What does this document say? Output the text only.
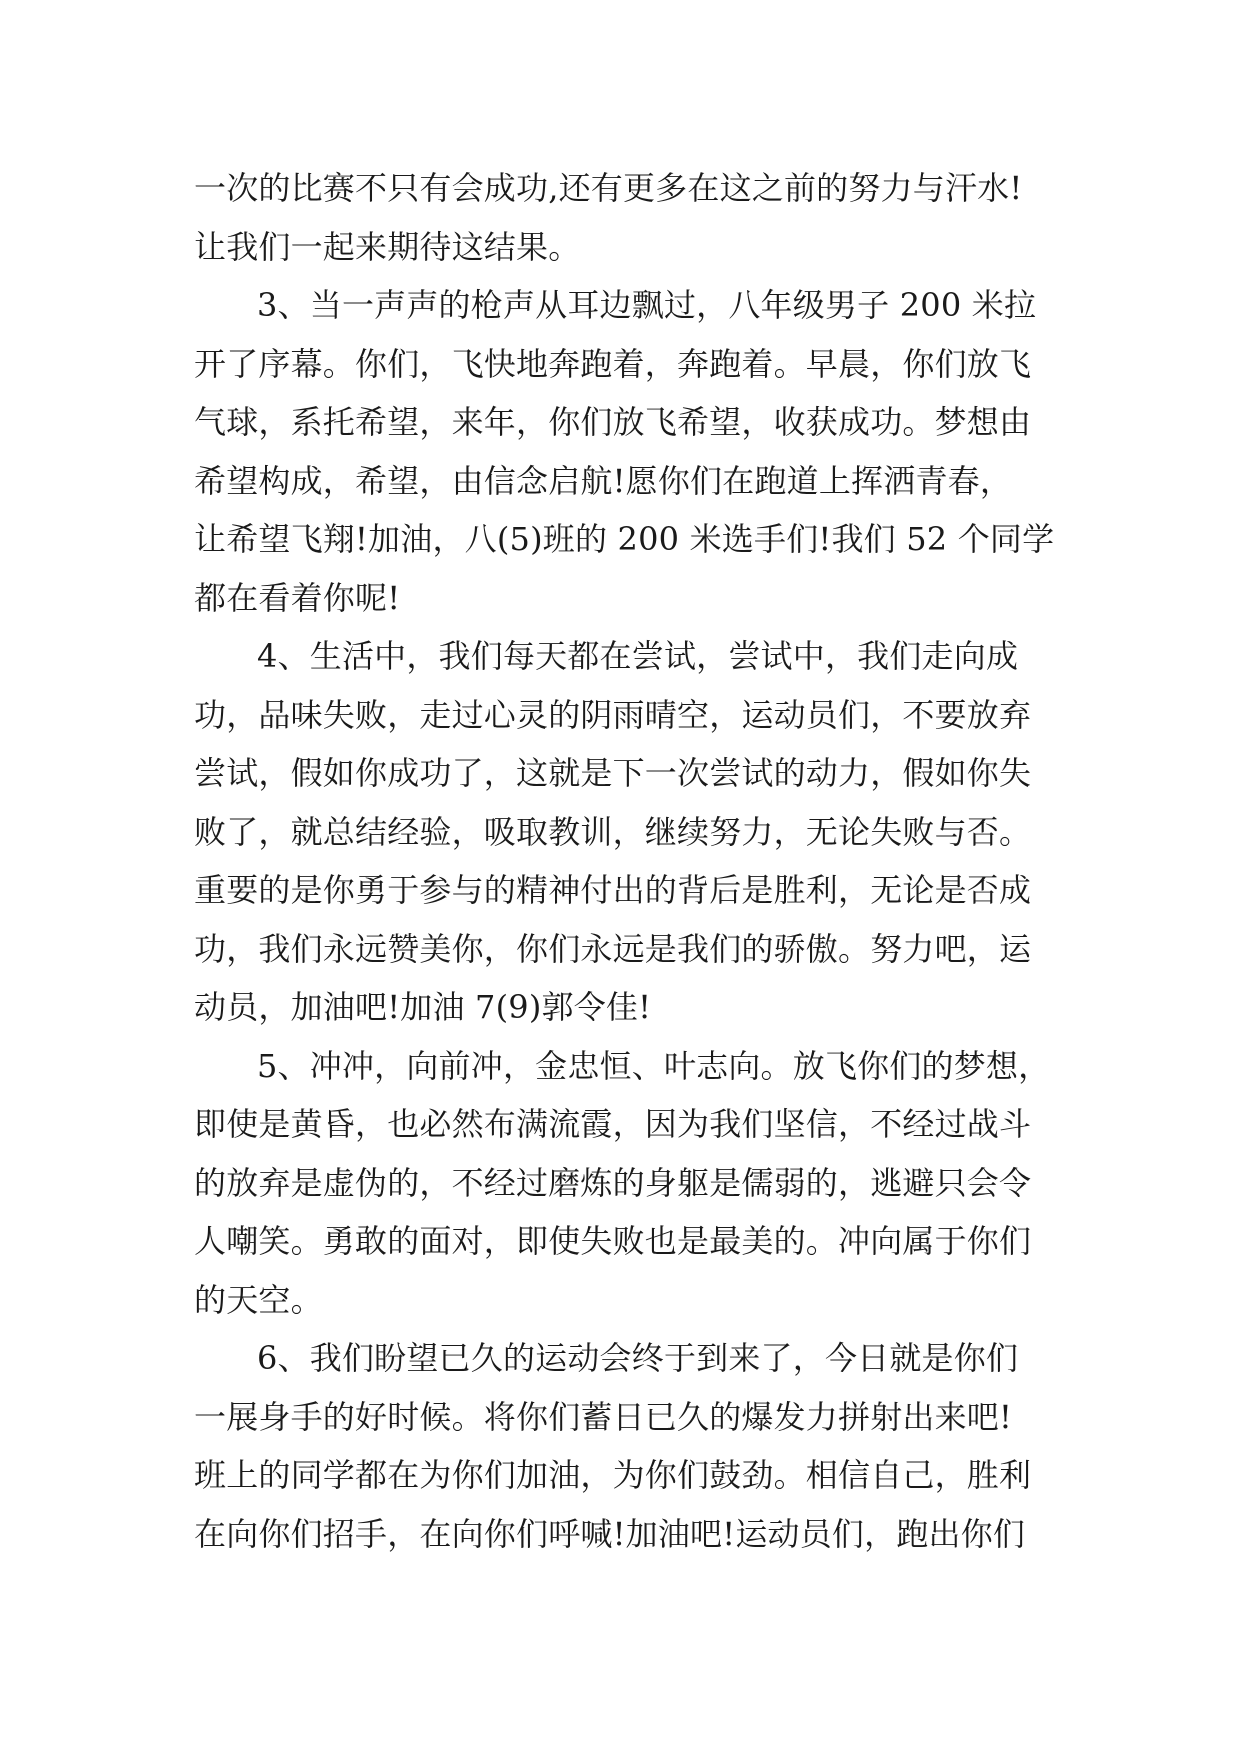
一次的比赛不只有会成功,还有更多在这之前的努力与汗水!
让我们一起来期待这结果。
3、当一声声的枪声从耳边飘过，八年级男子 200 米拉
开了序幕。你们，飞快地奔跑着，奔跑着。早晨，你们放飞
气球，系托希望，来年，你们放飞希望，收获成功。梦想由
希望构成，希望，由信念启航!愿你们在跑道上挥洒青春，
让希望飞翔!加油，八(5)班的 200 米选手们!我们 52 个同学
都在看着你呢!
4、生活中，我们每天都在尝试，尝试中，我们走向成
功，品味失败，走过心灵的阴雨晴空，运动员们，不要放弃
尝试，假如你成功了，这就是下一次尝试的动力，假如你失
败了，就总结经验，吸取教训，继续努力，无论失败与否。
重要的是你勇于参与的精神付出的背后是胜利，无论是否成
功，我们永远赞美你，你们永远是我们的骄傲。努力吧，运
动员，加油吧!加油 7(9)郭令佳!
5、冲冲，向前冲，金忠恒、叶志向。放飞你们的梦想，
即使是黄昏，也必然布满流霞，因为我们坚信，不经过战斗
的放弃是虚伪的，不经过磨炼的身躯是儒弱的，逃避只会令
人嘲笑。勇敢的面对，即使失败也是最美的。冲向属于你们
的天空。
6、我们盼望已久的运动会终于到来了，今日就是你们
一展身手的好时候。将你们蓄日已久的爆发力拼射出来吧!
班上的同学都在为你们加油，为你们鼓劲。相信自己，胜利
在向你们招手，在向你们呼喊!加油吧!运动员们，跑出你们
